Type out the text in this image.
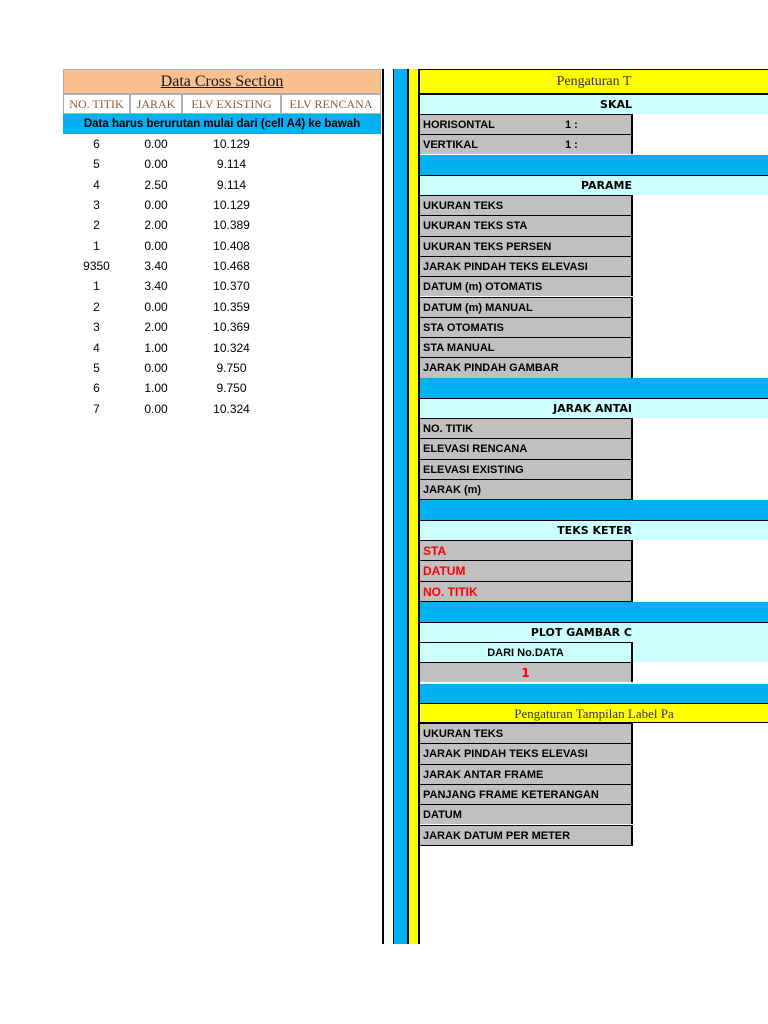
Data Cross Section
NO. TITIK	JARAK	ELV EXISTING	ELV RENCANA
Data harus berurutan mulai dari (cell A4) ke bawah
6	0.00	10.129
5	0.00	9.114
4	2.50	9.114
3	0.00	10.129
2	2.00	10.389
1	0.00	10.408
9350	3.40	10.468
1	3.40	10.370
2	0.00	10.359
3	2.00	10.369
4	1.00	10.324
5	0.00	9.750
6	1.00	9.750
7	0.00	10.324
Pengaturan T
SKAL
HORISONTAL	1 :
VERTIKAL	1 :
PARAME
UKURAN TEKS
UKURAN TEKS STA
UKURAN TEKS PERSEN
JARAK PINDAH TEKS ELEVASI
DATUM (m) OTOMATIS
DATUM (m) MANUAL
STA OTOMATIS
STA MANUAL
JARAK PINDAH GAMBAR
JARAK ANTAI
NO. TITIK
ELEVASI RENCANA
ELEVASI EXISTING
JARAK (m)
TEKS KETER
STA
DATUM
NO. TITIK
PLOT GAMBAR C
DARI No.DATA
1
Pengaturan Tampilan Label Pa
UKURAN TEKS
JARAK PINDAH TEKS ELEVASI
JARAK ANTAR FRAME
PANJANG FRAME KETERANGAN
DATUM
JARAK DATUM PER METER
